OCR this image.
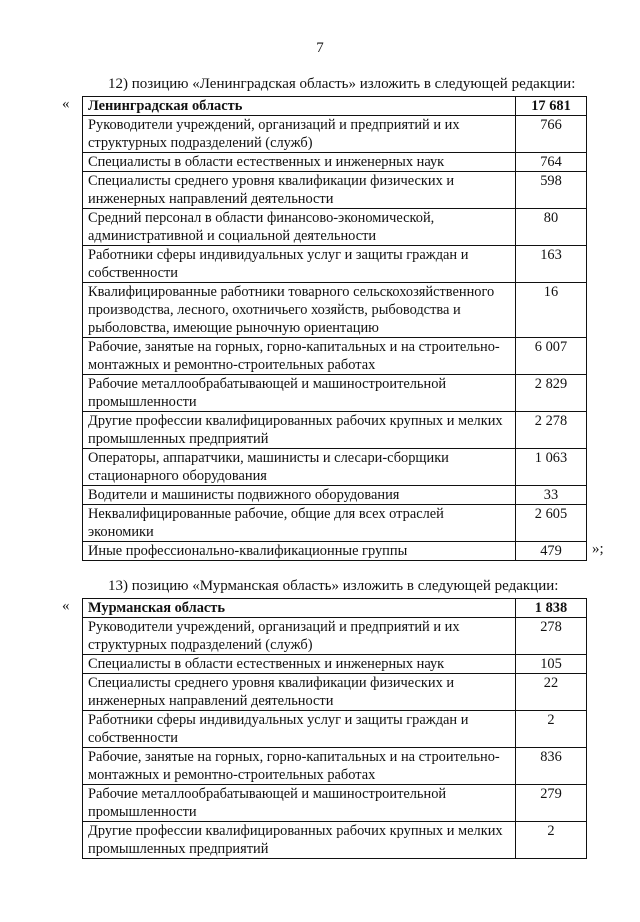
7
12) позицию «Ленинградская область» изложить в следующей редакции:
« Ленинградская область	17 681
Руководители учреждений, организаций и предприятий и их структурных подразделений (служб)	766
Специалисты в области естественных и инженерных наук	764
Специалисты среднего уровня квалификации физических и инженерных направлений деятельности	598
Средний персонал в области финансово-экономической, административной и социальной деятельности	80
Работники сферы индивидуальных услуг и защиты граждан и собственности	163
Квалифицированные работники товарного сельскохозяйственного производства, лесного, охотничьего хозяйств, рыбоводства и рыболовства, имеющие рыночную ориентацию	16
Рабочие, занятые на горных, горно-капитальных и на строительно-монтажных и ремонтно-строительных работах	6 007
Рабочие металлообрабатывающей и машиностроительной промышленности	2 829
Другие профессии квалифицированных рабочих крупных и мелких промышленных предприятий	2 278
Операторы, аппаратчики, машинисты и слесари-сборщики стационарного оборудования	1 063
Водители и машинисты подвижного оборудования	33
Неквалифицированные рабочие, общие для всех отраслей экономики	2 605
Иные профессионально-квалификационные группы	479 »;
13) позицию «Мурманская область» изложить в следующей редакции:
« Мурманская область	1 838
Руководители учреждений, организаций и предприятий и их структурных подразделений (служб)	278
Специалисты в области естественных и инженерных наук	105
Специалисты среднего уровня квалификации физических и инженерных направлений деятельности	22
Работники сферы индивидуальных услуг и защиты граждан и собственности	2
Рабочие, занятые на горных, горно-капитальных и на строительно-монтажных и ремонтно-строительных работах	836
Рабочие металлообрабатывающей и машиностроительной промышленности	279
Другие профессии квалифицированных рабочих крупных и мелких промышленных предприятий	2
